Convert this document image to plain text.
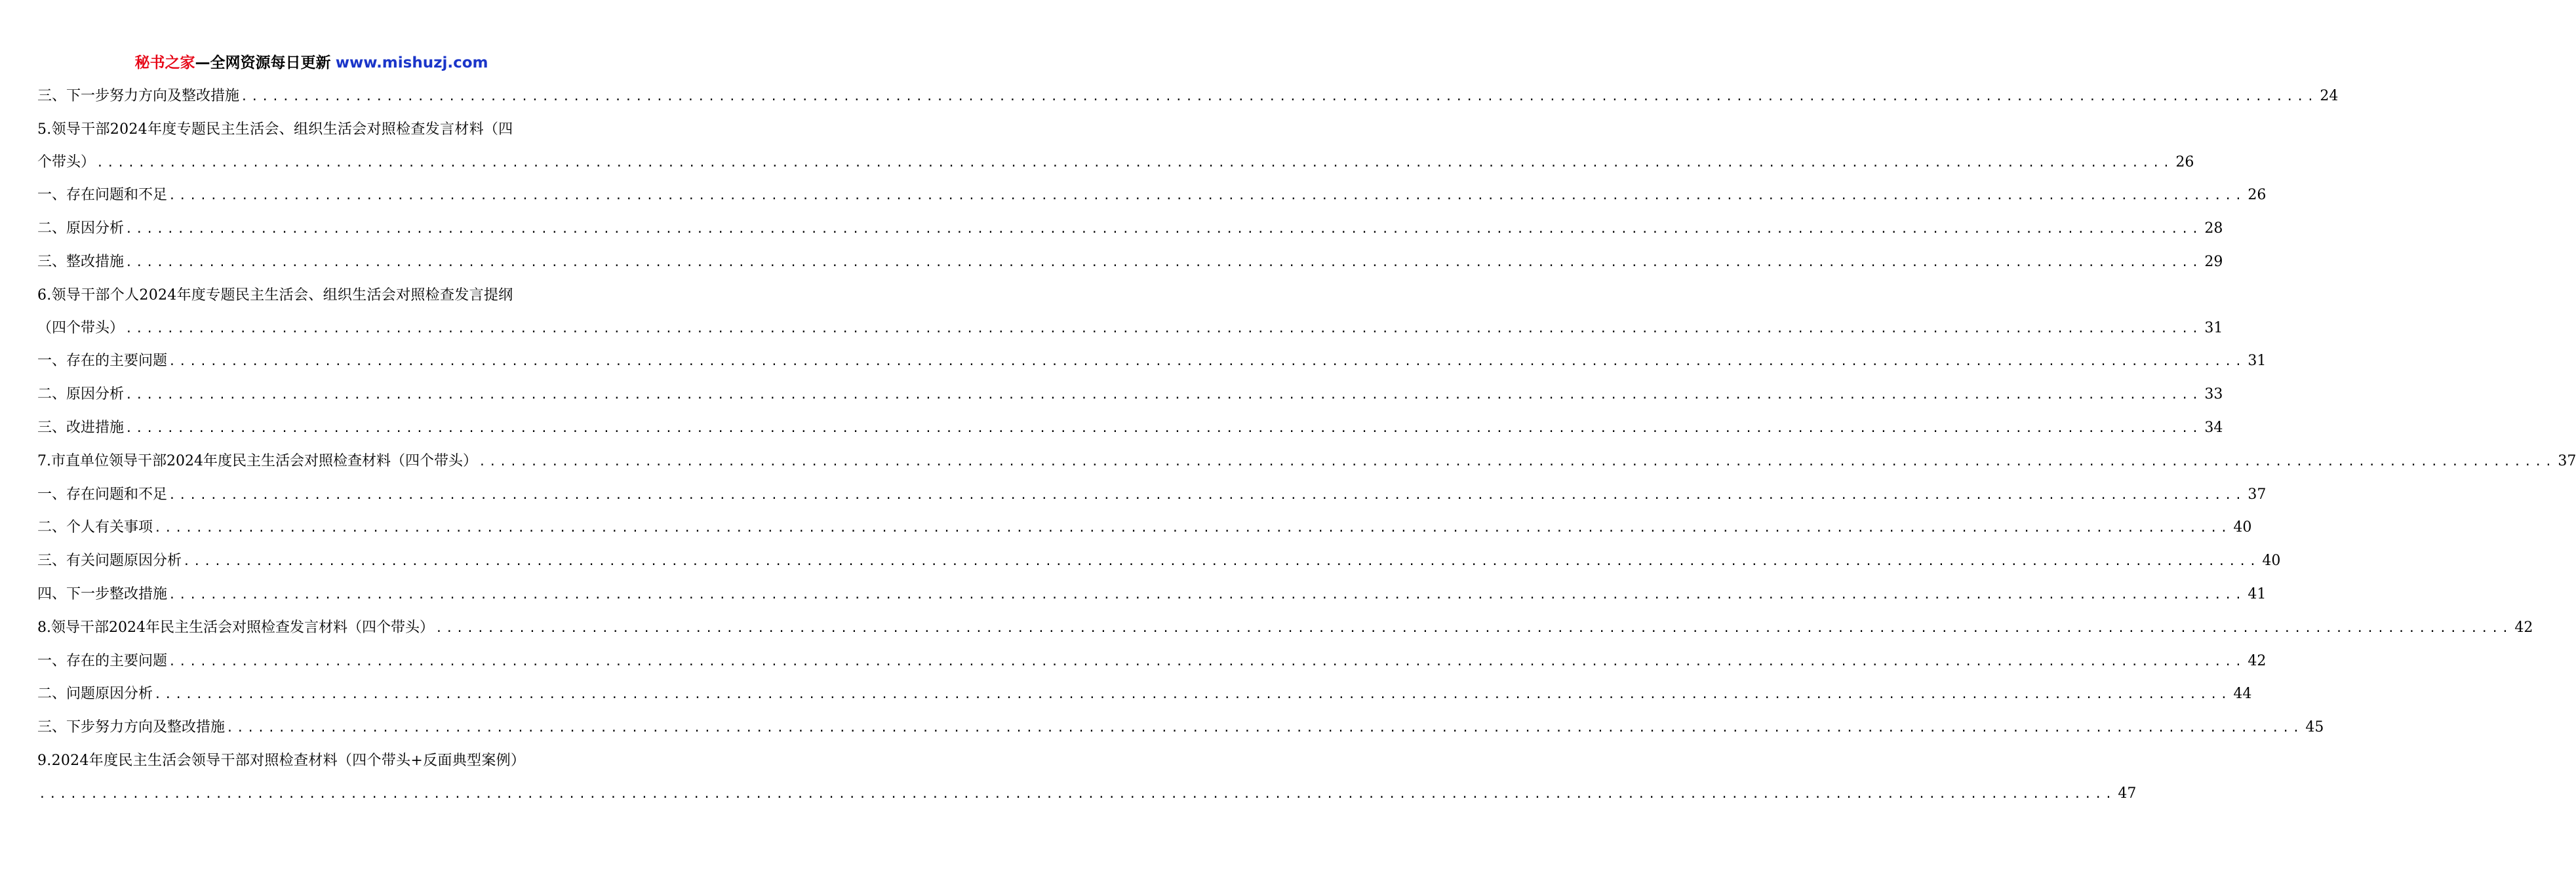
秘书之家—全网资源每日更新 www.mishuzj.com
三、下一步努力方向及整改措施 ........................................................................................................................................................................................................ 24
5.领导干部2024年度专题民主生活会、组织生活会对照检查发言材料（四
个带头） ........................................................................................................................................................................................................ 26
一、存在问题和不足 ........................................................................................................................................................................................................ 26
二、原因分析 ........................................................................................................................................................................................................ 28
三、整改措施 ........................................................................................................................................................................................................ 29
6.领导干部个人2024年度专题民主生活会、组织生活会对照检查发言提纲
（四个带头） ........................................................................................................................................................................................................ 31
一、存在的主要问题 ........................................................................................................................................................................................................ 31
二、原因分析 ........................................................................................................................................................................................................ 33
三、改进措施 ........................................................................................................................................................................................................ 34
7.市直单位领导干部2024年度民主生活会对照检查材料（四个带头） ........................................................................................................................................................................................................ 37
一、存在问题和不足 ........................................................................................................................................................................................................ 37
二、个人有关事项 ........................................................................................................................................................................................................ 40
三、有关问题原因分析 ........................................................................................................................................................................................................ 40
四、下一步整改措施 ........................................................................................................................................................................................................ 41
8.领导干部2024年民主生活会对照检查发言材料（四个带头） ........................................................................................................................................................................................................ 42
一、存在的主要问题 ........................................................................................................................................................................................................ 42
二、问题原因分析 ........................................................................................................................................................................................................ 44
三、下步努力方向及整改措施 ........................................................................................................................................................................................................ 45
9.2024年度民主生活会领导干部对照检查材料（四个带头+反面典型案例）
........................................................................................................................................................................................................ 47
